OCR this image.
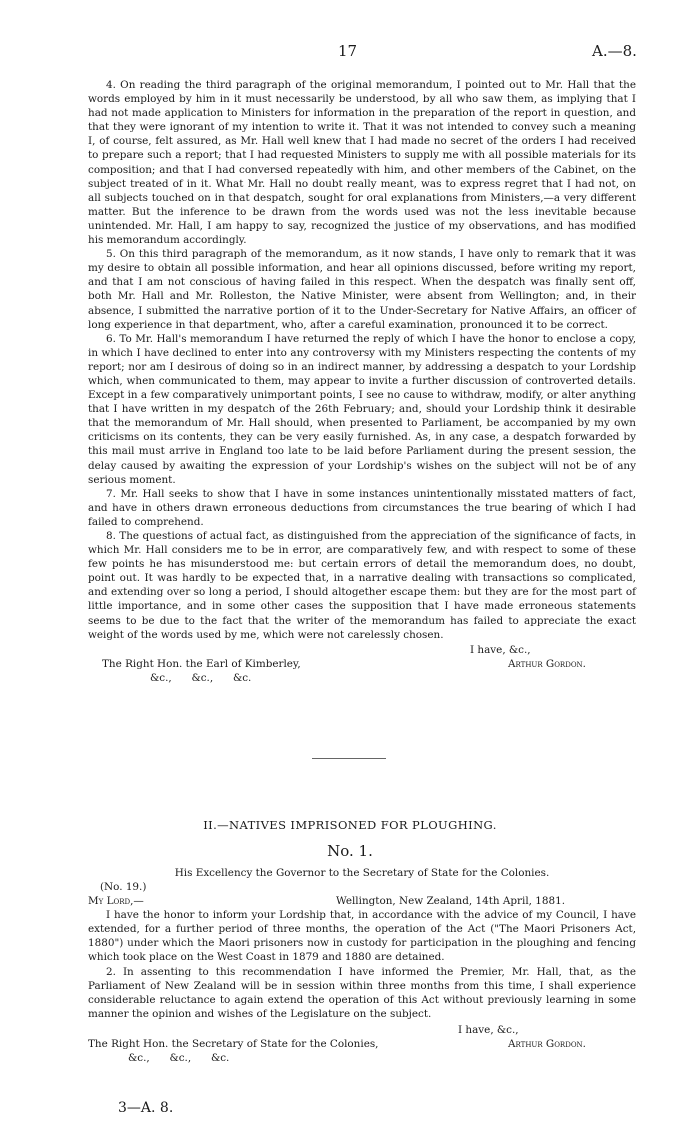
17	A.—8.

4. On reading the third paragraph of the original memorandum, I pointed out to Mr. Hall that the words employed by him in it must necessarily be understood, by all who saw them, as implying that I had not made application to Ministers for information in the preparation of the report in question, and that they were ignorant of my intention to write it. That it was not intended to convey such a meaning I, of course, felt assured, as Mr. Hall well knew that I had made no secret of the orders I had received to prepare such a report; that I had requested Ministers to supply me with all possible materials for its composition; and that I had conversed repeatedly with him, and other members of the Cabinet, on the subject treated of in it. What Mr. Hall no doubt really meant, was to express regret that I had not, on all subjects touched on in that despatch, sought for oral explanations from Ministers,—a very different matter. But the inference to be drawn from the words used was not the less inevitable because unintended. Mr. Hall, I am happy to say, recognized the justice of my observations, and has modified his memorandum accordingly.

5. On this third paragraph of the memorandum, as it now stands, I have only to remark that it was my desire to obtain all possible information, and hear all opinions discussed, before writing my report, and that I am not conscious of having failed in this respect. When the despatch was finally sent off, both Mr. Hall and Mr. Rolleston, the Native Minister, were absent from Wellington; and, in their absence, I submitted the narrative portion of it to the Under-Secretary for Native Affairs, an officer of long experience in that department, who, after a careful examination, pronounced it to be correct.

6. To Mr. Hall's memorandum I have returned the reply of which I have the honor to enclose a copy, in which I have declined to enter into any controversy with my Ministers respecting the contents of my report; nor am I desirous of doing so in an indirect manner, by addressing a despatch to your Lordship which, when communicated to them, may appear to invite a further discussion of controverted details. Except in a few comparatively unimportant points, I see no cause to withdraw, modify, or alter anything that I have written in my despatch of the 26th February; and, should your Lordship think it desirable that the memorandum of Mr. Hall should, when presented to Parliament, be accompanied by my own criticisms on its contents, they can be very easily furnished. As, in any case, a despatch forwarded by this mail must arrive in England too late to be laid before Parliament during the present session, the delay caused by awaiting the expression of your Lordship's wishes on the subject will not be of any serious moment.

7. Mr. Hall seeks to show that I have in some instances unintentionally misstated matters of fact, and have in others drawn erroneous deductions from circumstances the true bearing of which I had failed to comprehend.

8. The questions of actual fact, as distinguished from the appreciation of the significance of facts, in which Mr. Hall considers me to be in error, are comparatively few, and with respect to some of these few points he has misunderstood me: but certain errors of detail the memorandum does, no doubt, point out. It was hardly to be expected that, in a narrative dealing with transactions so complicated, and extending over so long a period, I should altogether escape them: but they are for the most part of little importance, and in some other cases the supposition that I have made erroneous statements seems to be due to the fact that the writer of the memorandum has failed to appreciate the exact weight of the words used by me, which were not carelessly chosen.

I have, &c.,
Arthur Gordon.
The Right Hon. the Earl of Kimberley,
&c.,      &c.,      &c.
II.—NATIVES IMPRISONED FOR PLOUGHING.
No. 1.
His Excellency the Governor to the Secretary of State for the Colonies.
(No. 19.)
My Lord,—	Wellington, New Zealand, 14th April, 1881.

I have the honor to inform your Lordship that, in accordance with the advice of my Council, I have extended, for a further period of three months, the operation of the Act ("The Maori Prisoners Act, 1880") under which the Maori prisoners now in custody for participation in the ploughing and fencing which took place on the West Coast in 1879 and 1880 are detained.

2. In assenting to this recommendation I have informed the Premier, Mr. Hall, that, as the Parliament of New Zealand will be in session within three months from this time, I shall experience considerable reluctance to again extend the operation of this Act without previously learning in some manner the opinion and wishes of the Legislature on the subject.

I have, &c.,
Arthur Gordon.
The Right Hon. the Secretary of State for the Colonies,
&c.,      &c.,      &c.
3—A. 8.
